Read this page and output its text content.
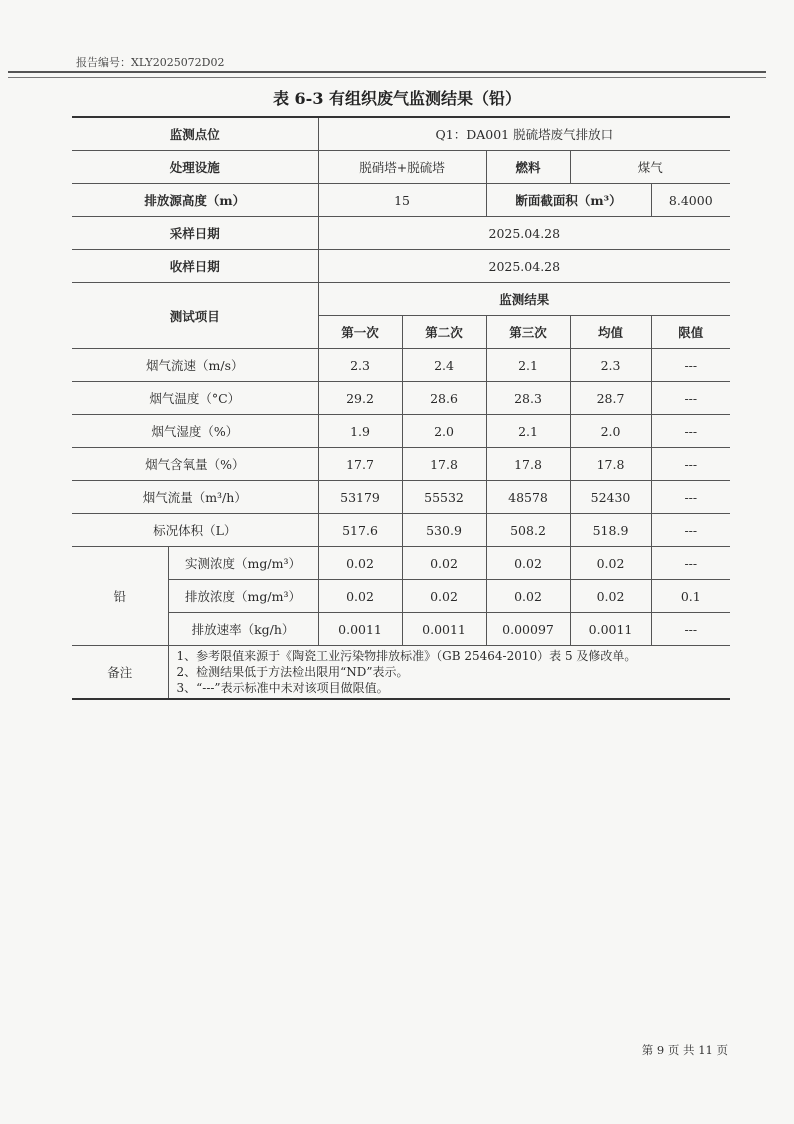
报告编号：XLY2025072D02
表 6-3 有组织废气监测结果（铅）
监测点位		Q1：DA001 脱硫塔废气排放口				
处理设施		脱硝塔+脱硫塔		燃料	煤气	
排放源高度（m）		15		断面截面积（m³）		8.4000
采样日期		2025.04.28				
收样日期		2025.04.28				
测试项目		监测结果				
		第一次	第二次	第三次	均值	限值
烟气流速（m/s）		2.3	2.4	2.1	2.3	---
烟气温度（°C）		29.2	28.6	28.3	28.7	---
烟气湿度（%）		1.9	2.0	2.1	2.0	---
烟气含氧量（%）		17.7	17.8	17.8	17.8	---
烟气流量（m³/h）		53179	55532	48578	52430	---
标况体积（L）		517.6	530.9	508.2	518.9	---
铅	实测浓度（mg/m³）	0.02	0.02	0.02	0.02	---
	排放浓度（mg/m³）	0.02	0.02	0.02	0.02	0.1
	排放速率（kg/h）	0.0011	0.0011	0.00097	0.0011	---
备注	1、参考限值来源于《陶瓷工业污染物排放标准》（GB 25464-2010）表 5 及修改单。
2、检测结果低于方法检出限用“ND”表示。
3、“---”表示标准中未对该项目做限值。					
第 9 页 共 11 页
